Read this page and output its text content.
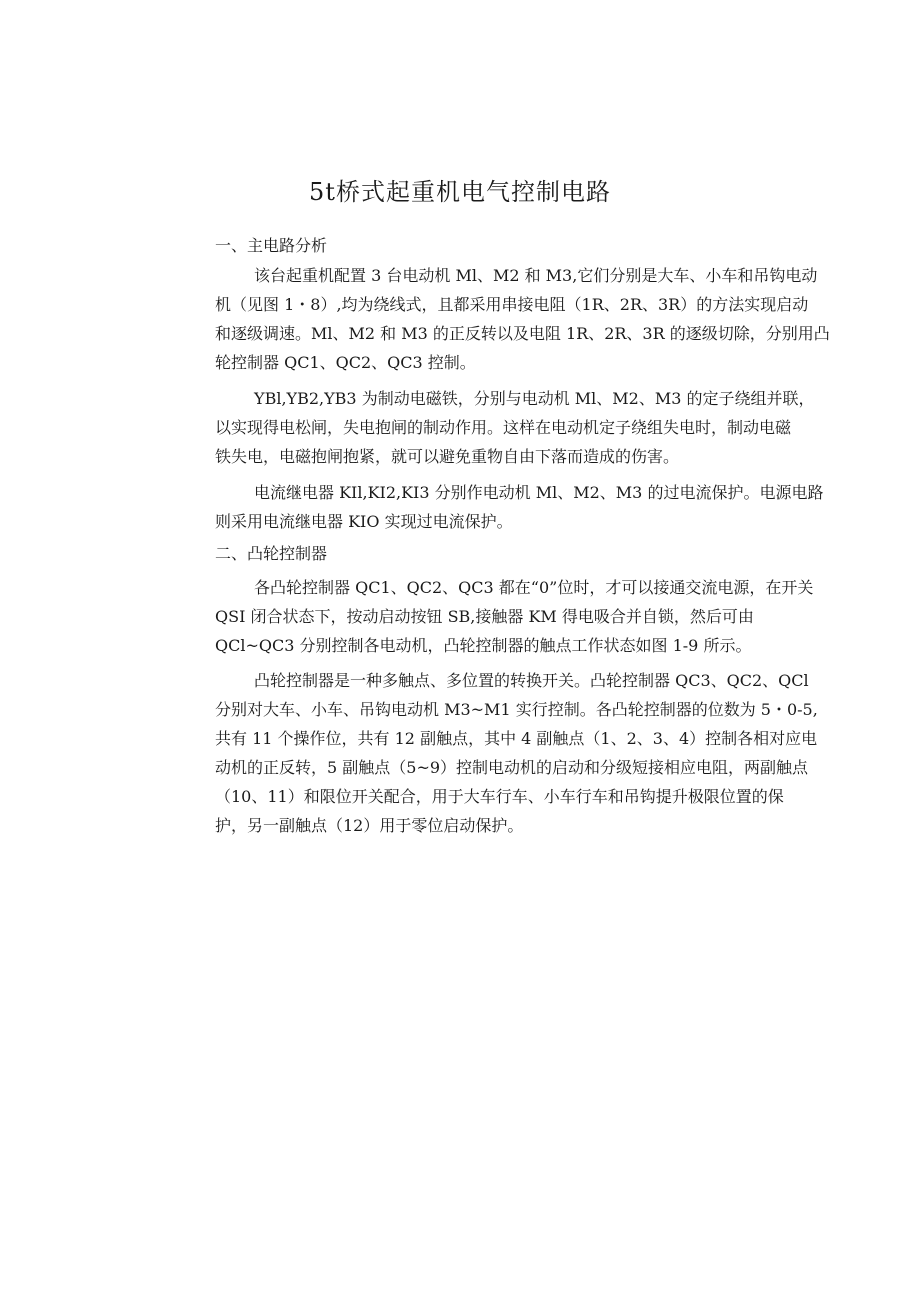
5t桥式起重机电气控制电路
一、主电路分析
该台起重机配置 3 台电动机 Ml、M2 和 M3,它们分别是大车、小车和吊钩电动
机（见图 1・8）,均为绕线式，且都采用串接电阻（1R、2R、3R）的方法实现启动
和逐级调速。Ml、M2 和 M3 的正反转以及电阻 1R、2R、3R 的逐级切除，分别用凸
轮控制器 QC1、QC2、QC3 控制。
YBl,YB2,YB3 为制动电磁铁，分别与电动机 Ml、M2、M3 的定子绕组并联，
以实现得电松闸，失电抱闸的制动作用。这样在电动机定子绕组失电时，制动电磁
铁失电，电磁抱闸抱紧，就可以避免重物自由下落而造成的伤害。
电流继电器 KIl,KI2,KI3 分别作电动机 Ml、M2、M3 的过电流保护。电源电路
则采用电流继电器 KIO 实现过电流保护。
二、凸轮控制器
各凸轮控制器 QC1、QC2、QC3 都在“0”位时，才可以接通交流电源，在开关
QSI 闭合状态下，按动启动按钮 SB,接触器 KM 得电吸合并自锁，然后可由
QCl~QC3 分别控制各电动机，凸轮控制器的触点工作状态如图 1-9 所示。
凸轮控制器是一种多触点、多位置的转换开关。凸轮控制器 QC3、QC2、QCl
分别对大车、小车、吊钩电动机 M3~M1 实行控制。各凸轮控制器的位数为 5・0-5,
共有 11 个操作位，共有 12 副触点，其中 4 副触点（1、2、3、4）控制各相对应电
动机的正反转，5 副触点（5~9）控制电动机的启动和分级短接相应电阻，两副触点
（10、11）和限位开关配合，用于大车行车、小车行车和吊钩提升极限位置的保
护，另一副触点（12）用于零位启动保护。
